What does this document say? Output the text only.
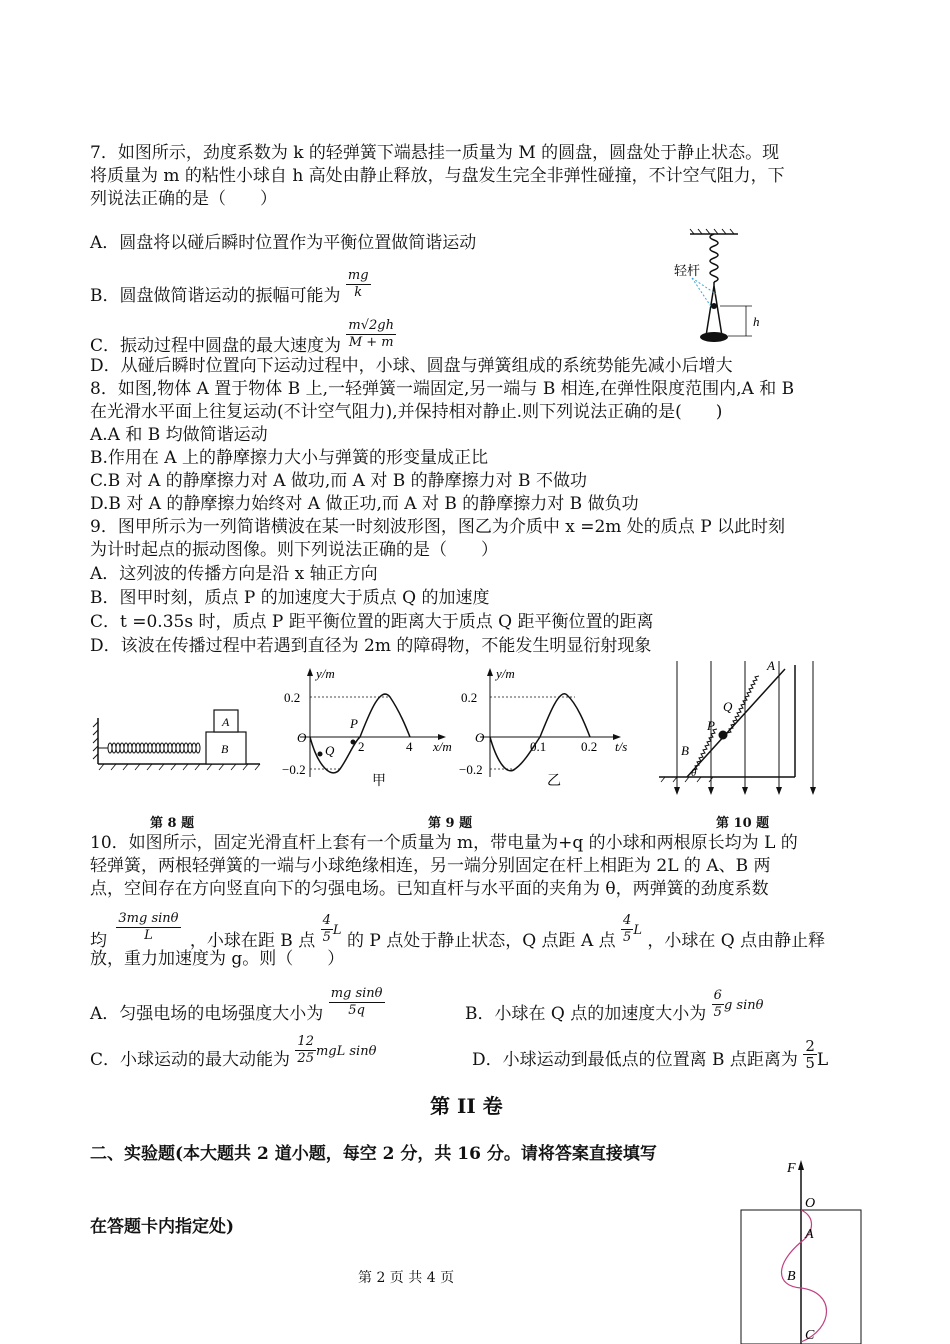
7．如图所示，劲度系数为 k 的轻弹簧下端悬挂一质量为 M 的圆盘，圆盘处于静止状态。现
将质量为 m 的粘性小球自 h 高处由静止释放，与盘发生完全非弹性碰撞，不计空气阻力，下
列说法正确的是（　　）
A．圆盘将以碰后瞬时位置作为平衡位置做简谐运动
B．圆盘做简谐运动的振幅可能为 $\frac{mg}{k}$
C．振动过程中圆盘的最大速度为 $\frac{m√2gh}{M + m}$
D．从碰后瞬时位置向下运动过程中，小球、圆盘与弹簧组成的系统势能先减小后增大
轻杆
h
8．如图,物体 A 置于物体 B 上,一轻弹簧一端固定,另一端与 B 相连,在弹性限度范围内,A 和 B
在光滑水平面上往复运动(不计空气阻力),并保持相对静止.则下列说法正确的是(　　)
A.A 和 B 均做简谐运动
B.作用在 A 上的静摩擦力大小与弹簧的形变量成正比
C.B 对 A 的静摩擦力对 A 做功,而 A 对 B 的静摩擦力对 B 不做功
D.B 对 A 的静摩擦力始终对 A 做正功,而 A 对 B 的静摩擦力对 B 做负功
9．图甲所示为一列简谐横波在某一时刻波形图，图乙为介质中 x =2m 处的质点 P 以此时刻
为计时起点的振动图像。则下列说法正确的是（　　）
A．这列波的传播方向是沿 x 轴正方向
B．图甲时刻，质点 P 的加速度大于质点 Q 的加速度
C．t =0.35s 时，质点 P 距平衡位置的距离大于质点 Q 距平衡位置的距离
D．该波在传播过程中若遇到直径为 2m 的障碍物，不能发生明显衍射现象
A
B
第 8 题
y/m
x/m
O
0.2
−0.2
2	4
P
Q
甲
第 9 题
y/m
t/s
O
0.2
−0.2
0.1	0.2
乙
A
B
Q
P
θ
第 10 题
10．如图所示，固定光滑直杆上套有一个质量为 m，带电量为+q 的小球和两根原长均为 L 的
轻弹簧，两根轻弹簧的一端与小球绝缘相连，另一端分别固定在杆上相距为 2L 的 A、B 两
点，空间存在方向竖直向下的匀强电场。已知直杆与水平面的夹角为 θ，两弹簧的劲度系数
均 $\frac{\text{3mg sinθ}}{L}$ ，小球在距 B 点 $\frac{4}{5} ^L$ 的 P 点处于静止状态，Q 点距 A 点 $\frac{4}{5} ^L$ ，小球在 Q 点由静止释
放，重力加速度为 g。则（　　）
A．匀强电场的电场强度大小为 $\frac{\text{mg sinθ}}{5q}$	B．小球在 Q 点的加速度大小为 $\frac{6}{5} ^{g sin\theta}$
C．小球运动的最大动能为 $\frac{12}{25} ^{mgL sin\theta}$	D．小球运动到最低点的位置离 B 点距离为 $\frac{2}{5}$ L
第 II 卷
二、实验题(本大题共 2 道小题，每空 2 分，共 16 分。请将答案直接填写
在答题卡内指定处)
F
O
A
B
C
第 2 页 共 4 页
